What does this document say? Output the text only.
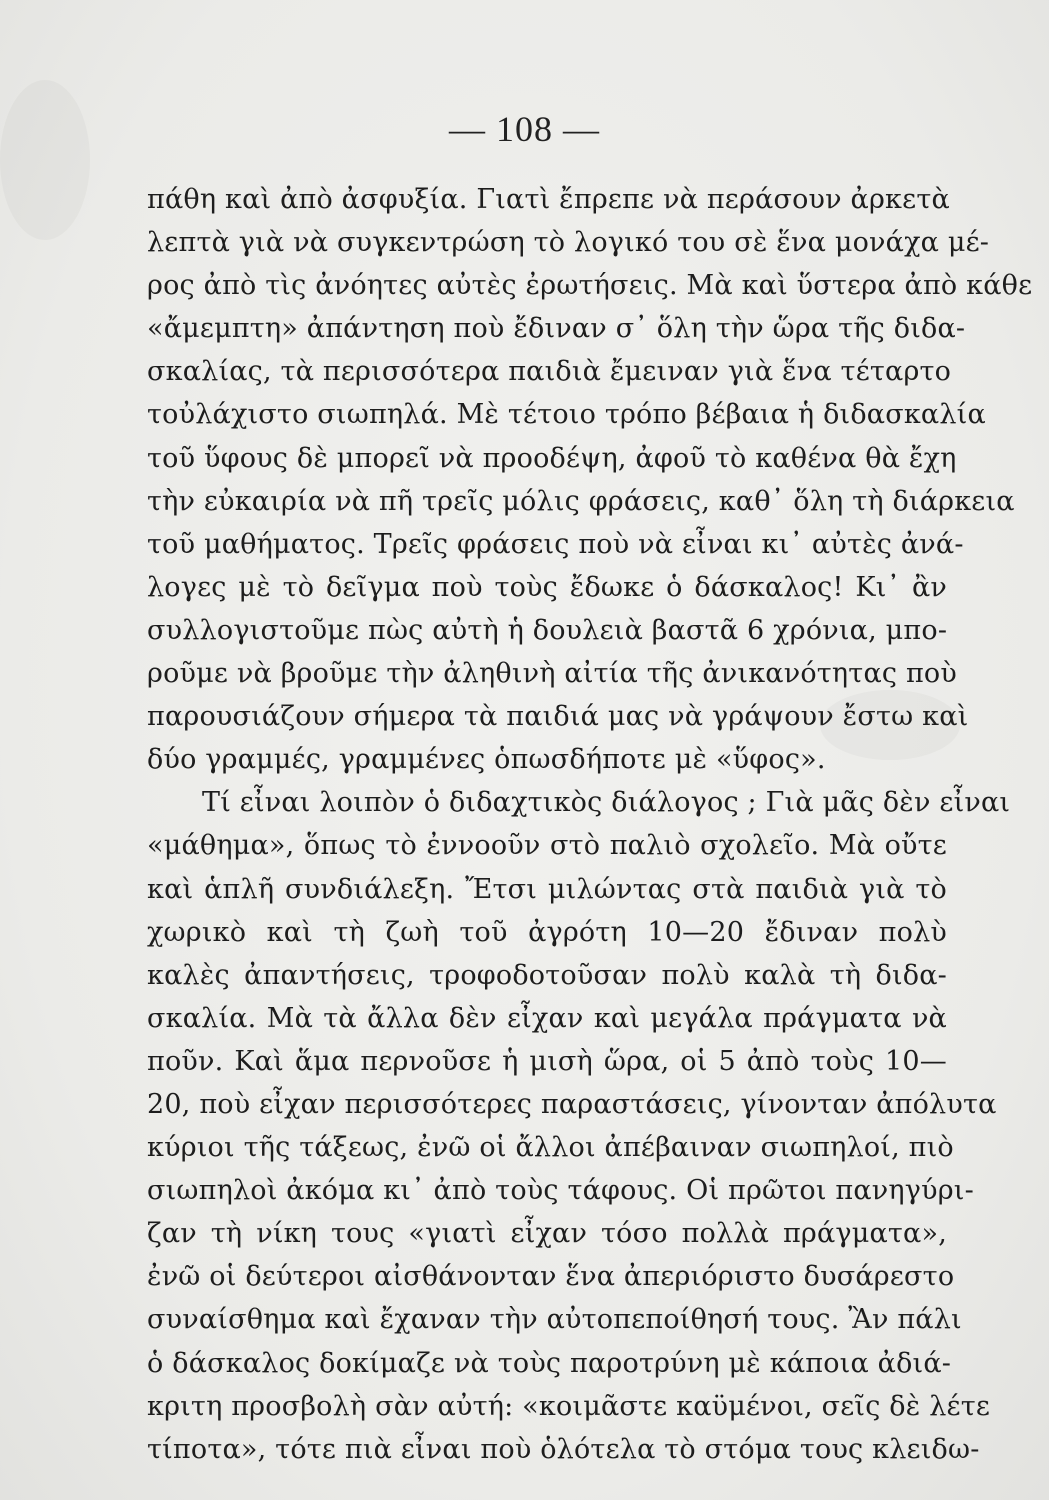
— 108 —
πάθη καὶ ἀπὸ ἀσφυξία. Γιατὶ ἔπρεπε νὰ περάσουν ἀρκετὰ
λεπτὰ γιὰ νὰ συγκεντρώση τὸ λογικό του σὲ ἕνα μονάχα μέ-
ρος ἀπὸ τὶς ἀνόητες αὐτὲς ἐρωτήσεις. Μὰ καὶ ὕστερα ἀπὸ κάθε
«ἄμεμπτη» ἀπάντηση ποὺ ἔδιναν σ᾽ ὅλη τὴν ὥρα τῆς διδα-
σκαλίας, τὰ περισσότερα παιδιὰ ἔμειναν γιὰ ἕνα τέταρτο
τοὐλάχιστο σιωπηλά. Μὲ τέτοιο τρόπο βέβαια ἡ διδασκαλία
τοῦ ὕφους δὲ μπορεῖ νὰ προοδέψη, ἀφοῦ τὸ καθένα θὰ ἔχη
τὴν εὐκαιρία νὰ πῆ τρεῖς μόλις φράσεις, καθ᾽ ὅλη τὴ διάρκεια
τοῦ μαθήματος. Τρεῖς φράσεις ποὺ νὰ εἶναι κι᾽ αὐτὲς ἀνά-
λογες μὲ τὸ δεῖγμα ποὺ τοὺς ἔδωκε ὁ δάσκαλος! Κι᾽ ἂν
συλλογιστοῦμε πὼς αὐτὴ ἡ δουλειὰ βαστᾶ 6 χρόνια, μπο-
ροῦμε νὰ βροῦμε τὴν ἀληθινὴ αἰτία τῆς ἀνικανότητας ποὺ
παρουσιάζουν σήμερα τὰ παιδιά μας νὰ γράψουν ἔστω καὶ
δύο γραμμές, γραμμένες ὁπωσδήποτε μὲ «ὕφος».
Τί εἶναι λοιπὸν ὁ διδαχτικὸς διάλογος ; Γιὰ μᾶς δὲν εἶναι
«μάθημα», ὅπως τὸ ἐννοοῦν στὸ παλιὸ σχολεῖο. Μὰ οὔτε
καὶ ἁπλῆ συνδιάλεξη. Ἔτσι μιλώντας στὰ παιδιὰ γιὰ τὸ
χωρικὸ καὶ τὴ ζωὴ τοῦ ἀγρότη 10—20 ἔδιναν πολὺ
καλὲς ἀπαντήσεις, τροφοδοτοῦσαν πολὺ καλὰ τὴ διδα-
σκαλία. Μὰ τὰ ἄλλα δὲν εἶχαν καὶ μεγάλα πράγματα νὰ
ποῦν. Καὶ ἅμα περνοῦσε ἡ μισὴ ὥρα, οἱ 5 ἀπὸ τοὺς 10—
20, ποὺ εἶχαν περισσότερες παραστάσεις, γίνονταν ἀπόλυτα
κύριοι τῆς τάξεως, ἐνῶ οἱ ἄλλοι ἀπέβαιναν σιωπηλοί, πιὸ
σιωπηλοὶ ἀκόμα κι᾽ ἀπὸ τοὺς τάφους. Οἱ πρῶτοι πανηγύρι-
ζαν τὴ νίκη τους «γιατὶ εἶχαν τόσο πολλὰ πράγματα»,
ἐνῶ οἱ δεύτεροι αἰσθάνονταν ἕνα ἀπεριόριστο δυσάρεστο
συναίσθημα καὶ ἔχαναν τὴν αὐτοπεποίθησή τους. Ἂν πάλι
ὁ δάσκαλος δοκίμαζε νὰ τοὺς παροτρύνη μὲ κάποια ἀδιά-
κριτη προσβολὴ σὰν αὐτή: «κοιμᾶστε καϋμένοι, σεῖς δὲ λέτε
τίποτα», τότε πιὰ εἶναι ποὺ ὁλότελα τὸ στόμα τους κλειδω-
